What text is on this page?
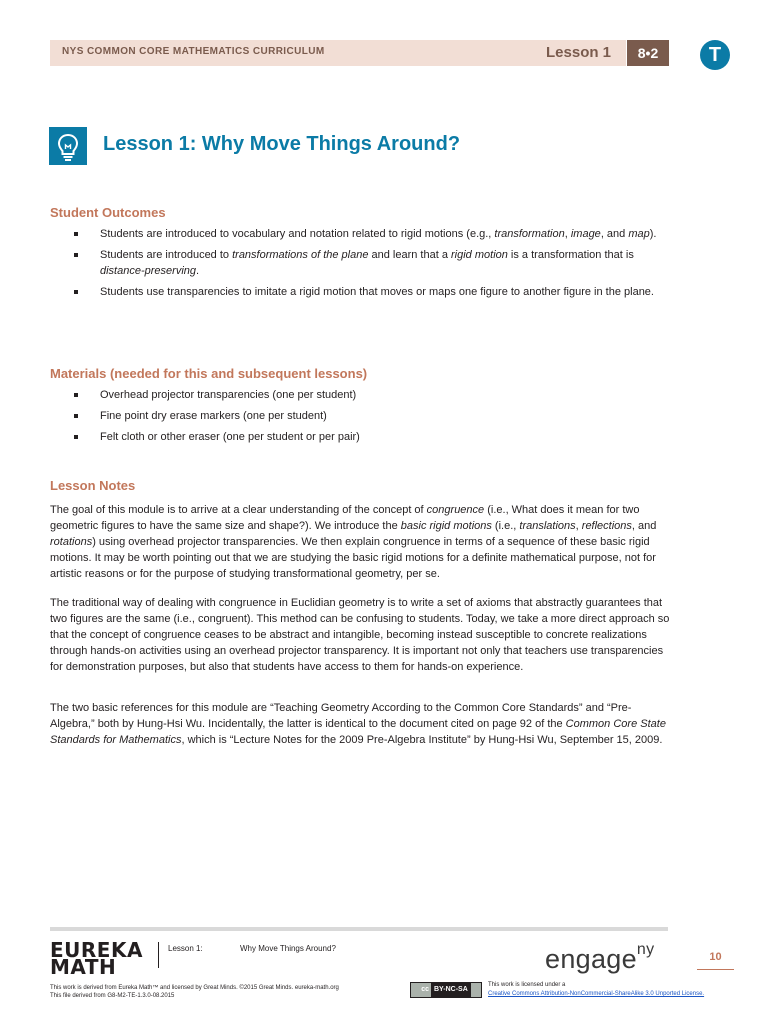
NYS COMMON CORE MATHEMATICS CURRICULUM	Lesson 1	8•2	T
Lesson 1: Why Move Things Around?
Student Outcomes
Students are introduced to vocabulary and notation related to rigid motions (e.g., transformation, image, and map).
Students are introduced to transformations of the plane and learn that a rigid motion is a transformation that is distance-preserving.
Students use transparencies to imitate a rigid motion that moves or maps one figure to another figure in the plane.
Materials (needed for this and subsequent lessons)
Overhead projector transparencies (one per student)
Fine point dry erase markers (one per student)
Felt cloth or other eraser (one per student or per pair)
Lesson Notes

The goal of this module is to arrive at a clear understanding of the concept of congruence (i.e., What does it mean for two geometric figures to have the same size and shape?). We introduce the basic rigid motions (i.e., translations, reflections, and rotations) using overhead projector transparencies. We then explain congruence in terms of a sequence of these basic rigid motions. It may be worth pointing out that we are studying the basic rigid motions for a definite mathematical purpose, not for artistic reasons or for the purpose of studying transformational geometry, per se.

The traditional way of dealing with congruence in Euclidian geometry is to write a set of axioms that abstractly guarantees that two figures are the same (i.e., congruent). This method can be confusing to students. Today, we take a more direct approach so that the concept of congruence ceases to be abstract and intangible, becoming instead susceptible to concrete realizations through hands-on activities using an overhead projector transparency. It is important not only that teachers use transparencies for demonstration purposes, but also that students have access to them for hands-on experience.

The two basic references for this module are “Teaching Geometry According to the Common Core Standards” and “Pre-Algebra,” both by Hung-Hsi Wu. Incidentally, the latter is identical to the document cited on page 92 of the Common Core State Standards for Mathematics, which is “Lecture Notes for the 2009 Pre-Algebra Institute” by Hung-Hsi Wu, September 15, 2009.

EUREKA
MATH
Lesson 1:	Why Move Things Around?	engage$^{ny}$	10
This work is derived from Eureka Math™ and licensed by Great Minds. ©2015 Great Minds. eureka-math.org
This file derived from G8-M2-TE-1.3.0-08.2015
cc BY-NC-SA
This work is licensed under a
Creative Commons Attribution-NonCommercial-ShareAlike 3.0 Unported License.
